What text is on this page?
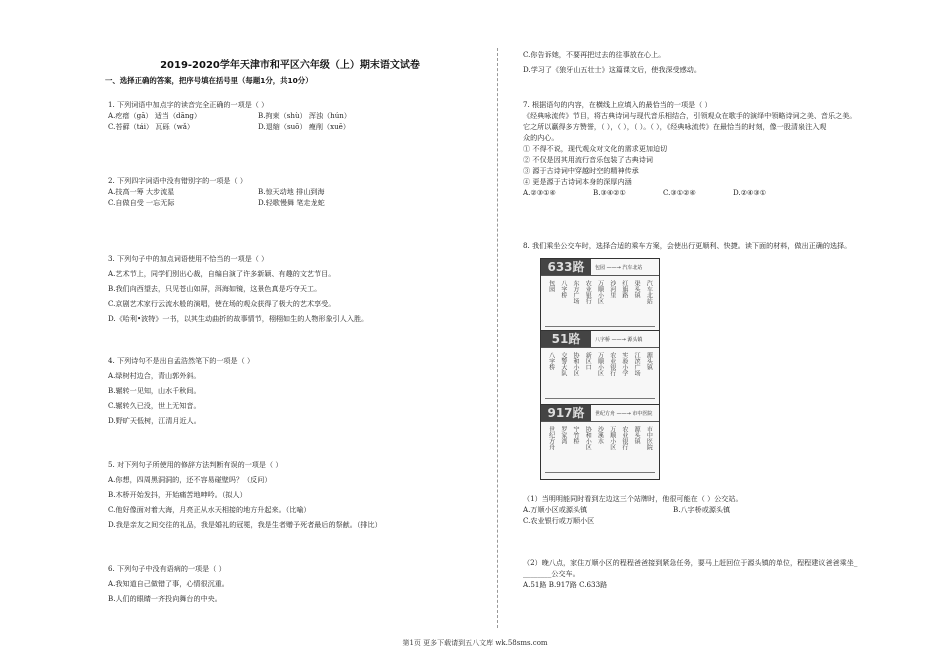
2019-2020学年天津市和平区六年级（上）期末语文试卷
一、选择正确的答案，把序号填在括号里（每题1分，共10分）
1. 下列词语中加点字的读音完全正确的一项是（ ）
A.疙瘩（gā） 适当（dāng）	B.拘束（shù） 浑浊（hún）
C.苔藓（tái） 瓦砾（wǎ）	D.退缩（suō） 瘦削（xuē）
2. 下列四字词语中没有错别字的一项是（ ）
A.技高一筹 大步流星	B.惊天动地 排山到海
C.自做自受 一忘无际	D.轻歌慢舞 笔走龙蛇
3. 下列句子中的加点词语使用不恰当的一项是（ ）
A.艺术节上，同学们别出心裁，自编自演了许多新颖、有趣的文艺节目。
B.我们向西望去，只见苍山如屏，洱海如镜，这景色真是巧夺天工。
C.京剧艺术家行云流水般的演唱，使在场的观众获得了极大的艺术享受。
D.《哈利•波特》一书，以其生动曲折的故事情节，栩栩如生的人物形象引人入胜。
4. 下列诗句不是出自孟浩然笔下的一项是（ ）
A.绿树村边合，青山郭外斜。
B.辗转一见知，山水千秋间。
C.辗转久已没，世上无知音。
D.野旷天低树，江清月近人。
5. 对下列句子所使用的修辞方法判断有误的一项是（ ）
A.你想，四周黑洞洞的，还不容易碰壁吗？（反问）
B.木桥开始发抖，开始痛苦地呻吟。（拟人）
C.他好像面对着大海，月亮正从水天相接的地方升起来。（比喻）
D.我是亲友之间交往的礼品，我是婚礼的冠冕，我是生者赠予死者最后的祭献。（排比）
6. 下列句子中没有语病的一项是（ ）
A.我知道自己做错了事，心情很沉重。
B.人们的眼睛一齐投向舞台的中央。
C.你告诉她，不要再把过去的往事放在心上。
D.学习了《狼牙山五壮士》这篇课文后，使我深受感动。
7. 根据语句的内容，在横线上应填入的最恰当的一项是（ ）
《经典咏流传》节目，将古典诗词与现代音乐相结合，引领观众在歌手的演绎中领略诗词之美、音乐之美。
它之所以赢得多方赞誉，（ ），（ ），（ ）。（ ），《经典咏流传》在最恰当的时刻，像一股清泉注入观
众的内心。
① 不得不说，现代观众对文化的需求更加迫切
② 不仅是因其用流行音乐包装了古典诗词
③ 源于古诗词中穿越时空的精神传承
④ 更是源于古诗词本身的深厚内涵
A.②③①④	B.③④②①	C.③①②④	D.②④③①
8. 我们乘坐公交车时，选择合适的乘车方案，会使出行更顺利、快捷。读下面的材料，做出正确的选择。
633路	包园 ——→ 汽车北站
包园 八字桥 东方广场 农业银行 万顺小区 沙河里 红旗路 渠头镇 汽车北站
51路	八字桥 ——→ 源头镇
八字桥 交警大队 协和小区 新区口 万顺小区 农业银行 实验小学 江滨广场 源头镇
917路	世纪方舟 ——→ 市中医院
世纪方舟 罗家湾 宁竹桥 协和小区 沙溪水 万顺小区 农业银行 源头镇 市中医院
（1）当明明能同时看到左边这三个站牌时，他很可能在（ ）公交站。
A.万顺小区或源头镇	B.八字桥或源头镇
C.农业银行或万顺小区
（2）晚八点，家住万顺小区的程程爸爸接到紧急任务，要马上赶回位于源头镇的单位，程程建议爸爸乘坐_
________公交车。
A.51路 B.917路 C.633路
第1页 更多下载请到五八文库 wk.58sms.com
